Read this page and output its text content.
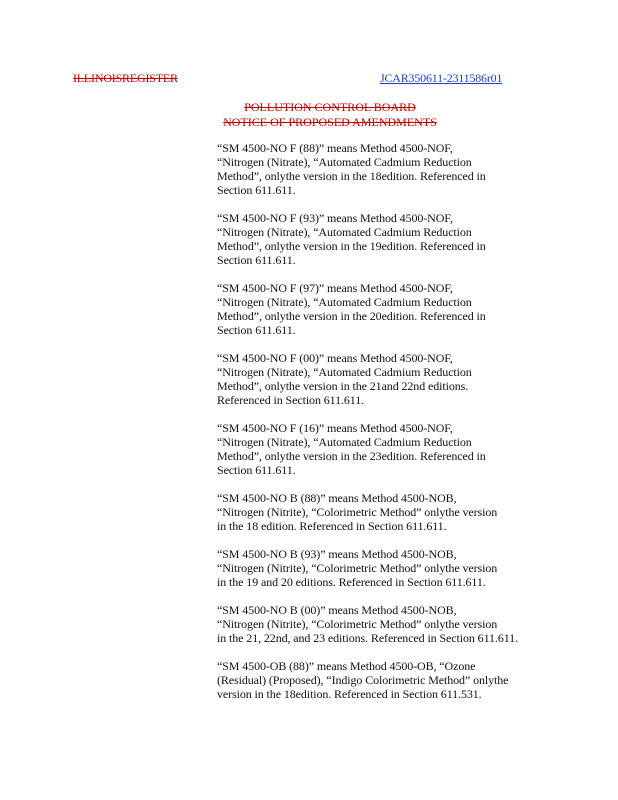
ILLINOISREGISTER	JCAR350611-2311586r01
POLLUTION CONTROL BOARD
NOTICE OF PROPOSED AMENDMENTS

“SM 4500-NO F (88)” means Method 4500-NOF,
“Nitrogen (Nitrate), “Automated Cadmium Reduction
Method”, onlythe version in the 18edition. Referenced in
Section 611.611.

“SM 4500-NO F (93)” means Method 4500-NOF,
“Nitrogen (Nitrate), “Automated Cadmium Reduction
Method”, onlythe version in the 19edition. Referenced in
Section 611.611.

“SM 4500-NO F (97)” means Method 4500-NOF,
“Nitrogen (Nitrate), “Automated Cadmium Reduction
Method”, onlythe version in the 20edition. Referenced in
Section 611.611.

“SM 4500-NO F (00)” means Method 4500-NOF,
“Nitrogen (Nitrate), “Automated Cadmium Reduction
Method”, onlythe version in the 21and 22nd editions.
Referenced in Section 611.611.

“SM 4500-NO F (16)” means Method 4500-NOF,
“Nitrogen (Nitrate), “Automated Cadmium Reduction
Method”, onlythe version in the 23edition. Referenced in
Section 611.611.

“SM 4500-NO B (88)” means Method 4500-NOB,
“Nitrogen (Nitrite), “Colorimetric Method” onlythe version
in the 18 edition. Referenced in Section 611.611.

“SM 4500-NO B (93)” means Method 4500-NOB,
“Nitrogen (Nitrite), “Colorimetric Method” onlythe version
in the 19 and 20 editions. Referenced in Section 611.611.

“SM 4500-NO B (00)” means Method 4500-NOB,
“Nitrogen (Nitrite), “Colorimetric Method” onlythe version
in the 21, 22nd, and 23 editions. Referenced in Section 611.611.

“SM 4500-OB (88)” means Method 4500-OB, “Ozone
(Residual) (Proposed), “Indigo Colorimetric Method” onlythe
version in the 18edition. Referenced in Section 611.531.
